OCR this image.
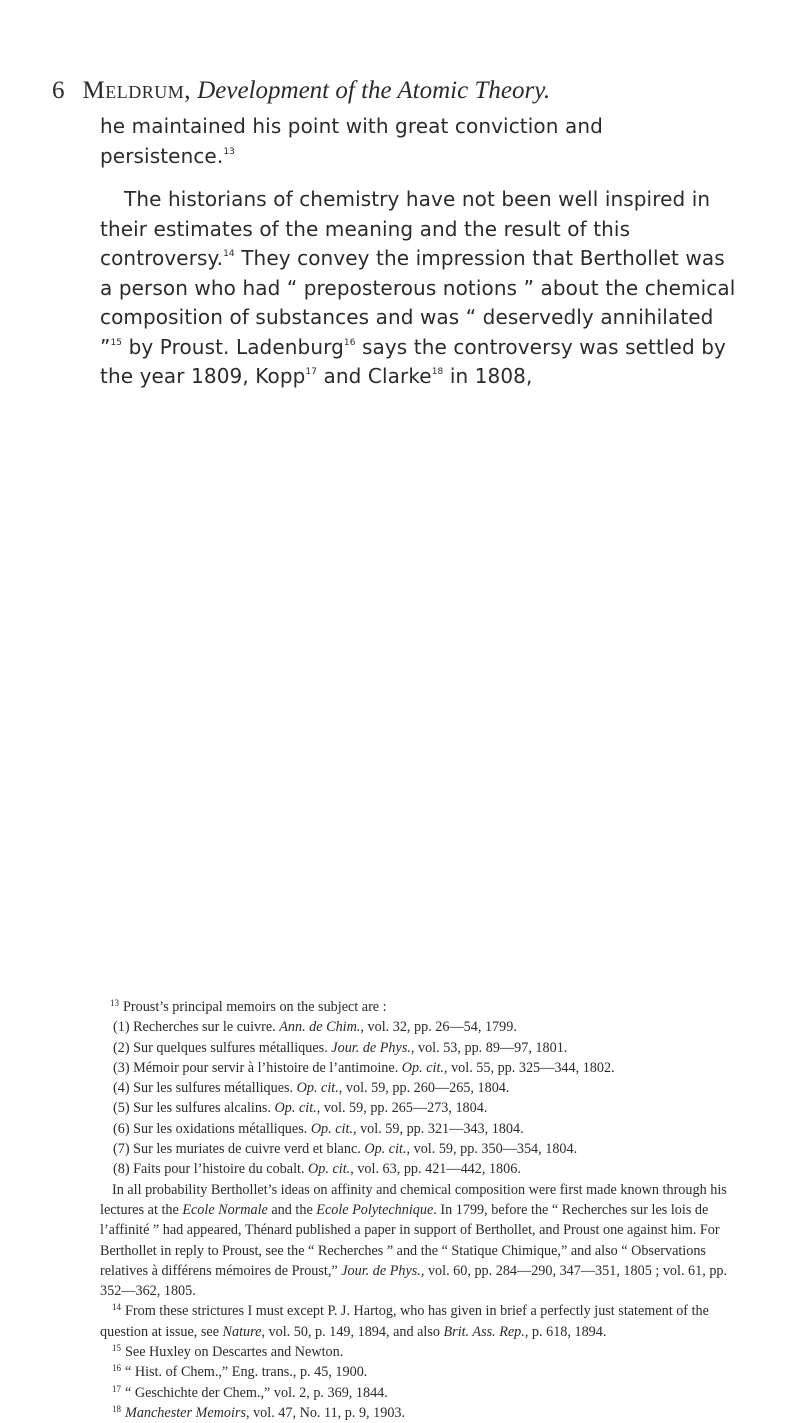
6 Meldrum, Development of the Atomic Theory.

he maintained his point with great conviction and persistence.$^{13}$

The historians of chemistry have not been well inspired in their estimates of the meaning and the result of this controversy.$^{14}$ They convey the impression that Berthollet was a person who had “ preposterous notions ” about the chemical composition of substances and was “ deservedly annihilated ”$^{15}$ by Proust. Ladenburg$^{16}$ says the controversy was settled by the year 1809, Kopp$^{17}$ and Clarke$^{18}$ in 1808,

$^{13}$ Proust’s principal memoirs on the subject are :

(1) Recherches sur le cuivre. Ann. de Chim., vol. 32, pp. 26—54, 1799.
(2) Sur quelques sulfures métalliques. Jour. de Phys., vol. 53, pp. 89—97, 1801.
(3) Mémoir pour servir à l’histoire de l’antimoine. Op. cit., vol. 55, pp. 325—344, 1802.
(4) Sur les sulfures métalliques. Op. cit., vol. 59, pp. 260—265, 1804.
(5) Sur les sulfures alcalins. Op. cit., vol. 59, pp. 265—273, 1804.
(6) Sur les oxidations métalliques. Op. cit., vol. 59, pp. 321—343, 1804.
(7) Sur les muriates de cuivre verd et blanc. Op. cit., vol. 59, pp. 350—354, 1804.
(8) Faits pour l’histoire du cobalt. Op. cit., vol. 63, pp. 421—442, 1806.

In all probability Berthollet’s ideas on affinity and chemical composition were first made known through his lectures at the Ecole Normale and the Ecole Polytechnique. In 1799, before the “ Recherches sur les lois de l’affinité ” had appeared, Thénard published a paper in support of Berthollet, and Proust one against him. For Berthollet in reply to Proust, see the “ Recherches ” and the “ Statique Chimique,” and also “ Observations relatives à différens mémoires de Proust,” Jour. de Phys., vol. 60, pp. 284—290, 347—351, 1805 ; vol. 61, pp. 352—362, 1805.

$^{14}$ From these strictures I must except P. J. Hartog, who has given in brief a perfectly just statement of the question at issue, see Nature, vol. 50, p. 149, 1894, and also Brit. Ass. Rep., p. 618, 1894.

$^{15}$ See Huxley on Descartes and Newton.

$^{16}$ “ Hist. of Chem.,” Eng. trans., p. 45, 1900.

$^{17}$ “ Geschichte der Chem.,” vol. 2, p. 369, 1844.

$^{18}$ Manchester Memoirs, vol. 47, No. 11, p. 9, 1903.
